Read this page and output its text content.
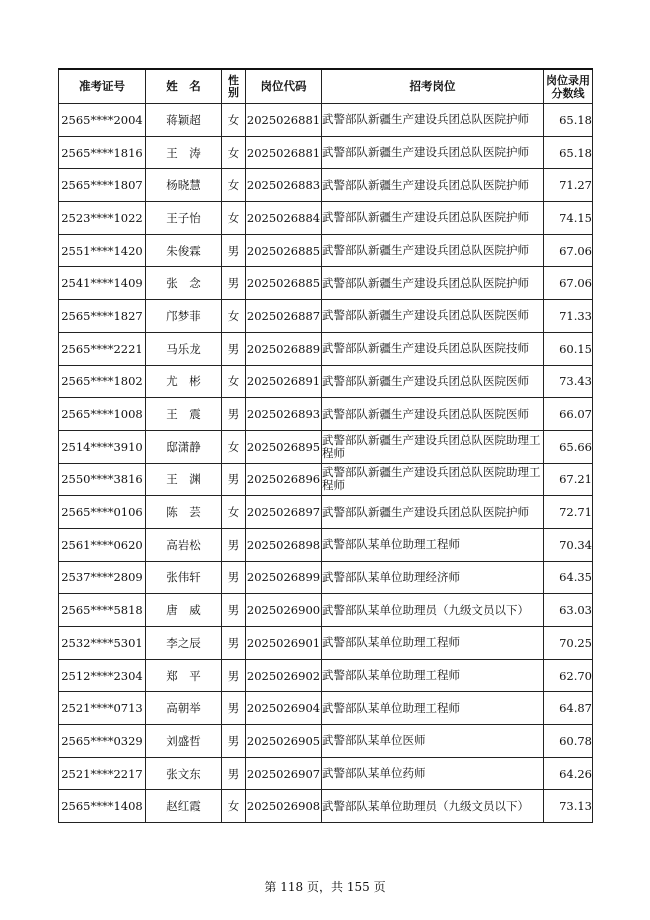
准考证号	姓　名	性别	岗位代码	招考岗位	岗位录用分数线
2565****2004	蒋颖超	女	2025026881	武警部队新疆生产建设兵团总队医院护师	65.18
2565****1816	王　涛	女	2025026881	武警部队新疆生产建设兵团总队医院护师	65.18
2565****1807	杨晓慧	女	2025026883	武警部队新疆生产建设兵团总队医院护师	71.27
2523****1022	王子怡	女	2025026884	武警部队新疆生产建设兵团总队医院护师	74.15
2551****1420	朱俊霖	男	2025026885	武警部队新疆生产建设兵团总队医院护师	67.06
2541****1409	张　念	男	2025026885	武警部队新疆生产建设兵团总队医院护师	67.06
2565****1827	邝梦菲	女	2025026887	武警部队新疆生产建设兵团总队医院医师	71.33
2565****2221	马乐龙	男	2025026889	武警部队新疆生产建设兵团总队医院技师	60.15
2565****1802	尤　彬	女	2025026891	武警部队新疆生产建设兵团总队医院医师	73.43
2565****1008	王　震	男	2025026893	武警部队新疆生产建设兵团总队医院医师	66.07
2514****3910	邸潇静	女	2025026895	武警部队新疆生产建设兵团总队医院助理工程师	65.66
2550****3816	王　渊	男	2025026896	武警部队新疆生产建设兵团总队医院助理工程师	67.21
2565****0106	陈　芸	女	2025026897	武警部队新疆生产建设兵团总队医院护师	72.71
2561****0620	高岩松	男	2025026898	武警部队某单位助理工程师	70.34
2537****2809	张伟轩	男	2025026899	武警部队某单位助理经济师	64.35
2565****5818	唐　威	男	2025026900	武警部队某单位助理员（九级文员以下）	63.03
2532****5301	李之辰	男	2025026901	武警部队某单位助理工程师	70.25
2512****2304	郑　平	男	2025026902	武警部队某单位助理工程师	62.70
2521****0713	高朝举	男	2025026904	武警部队某单位助理工程师	64.87
2565****0329	刘盛哲	男	2025026905	武警部队某单位医师	60.78
2521****2217	张文东	男	2025026907	武警部队某单位药师	64.26
2565****1408	赵红霞	女	2025026908	武警部队某单位助理员（九级文员以下）	73.13
第 118 页，共 155 页
